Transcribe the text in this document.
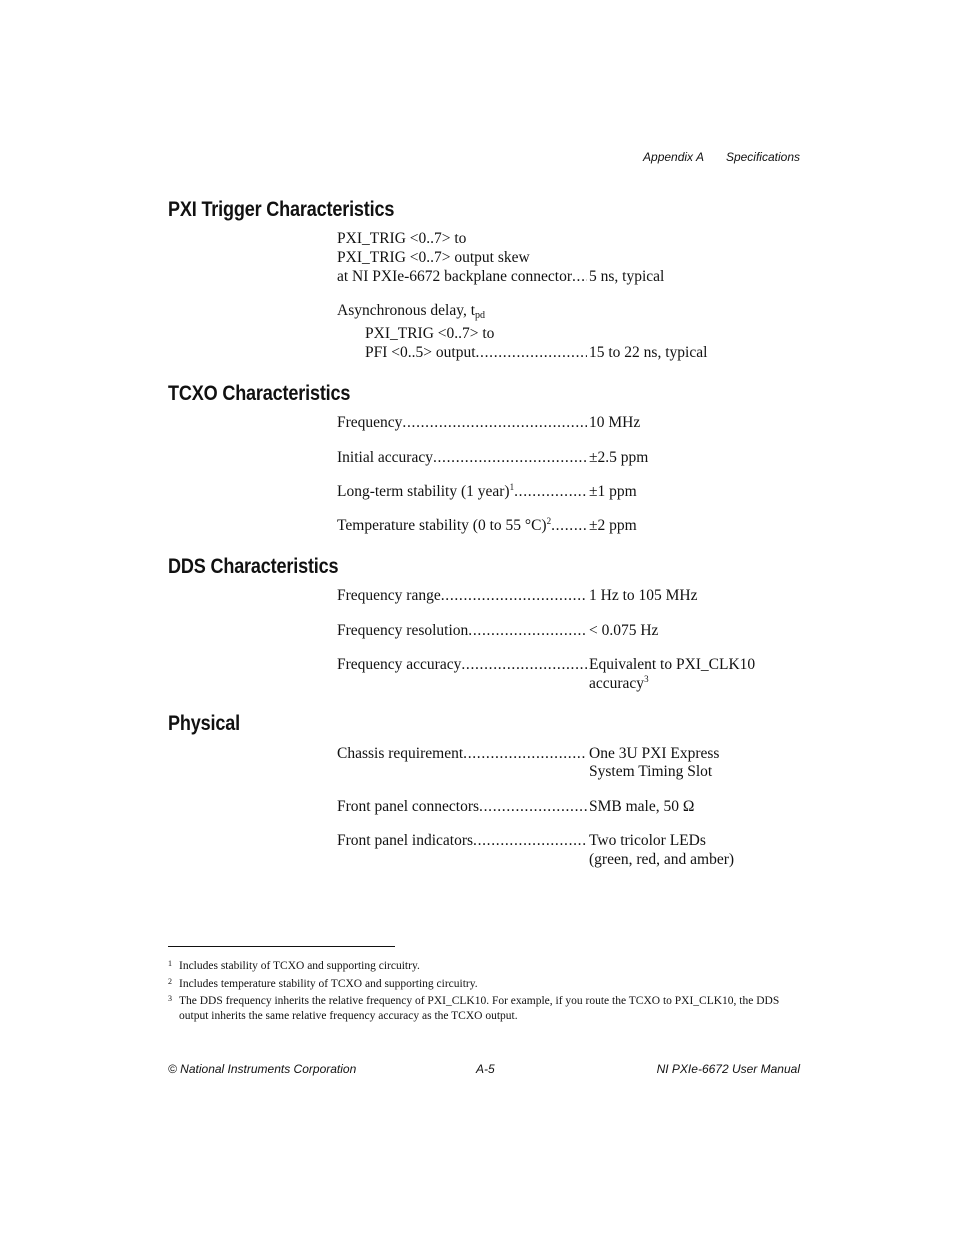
Appendix A Specifications
PXI Trigger Characteristics
PXI_TRIG <0..7> to
PXI_TRIG <0..7> output skew
at NI PXIe-6672 backplane connector . . . 5 ns, typical
Asynchronous delay, $t_{pd}$
PXI_TRIG <0..7> to
PFI <0..5> output . . .	15 to 22 ns, typical
TCXO Characteristics
Frequency . . .	10 MHz
Initial accuracy . . .	±2.5 ppm
Long-term stability (1 year)$^1$ . . .	±1 ppm
Temperature stability (0 to 55 °C)$^2$ . . . ±2 ppm
DDS Characteristics
Frequency range . . .	1 Hz to 105 MHz
Frequency resolution . . .	< 0.075 Hz
Frequency accuracy . . .	Equivalent to PXI_CLK10
accuracy$^3$
Physical
Chassis requirement . . .	One 3U PXI Express
System Timing Slot
Front panel connectors . . .	SMB male, 50 Ω
Front panel indicators . . .	Two tricolor LEDs
(green, red, and amber)
1 Includes stability of TCXO and supporting circuitry.
2 Includes temperature stability of TCXO and supporting circuitry.
3 The DDS frequency inherits the relative frequency of PXI_CLK10. For example, if you route the TCXO to PXI_CLK10, the DDS output inherits the same relative frequency accuracy as the TCXO output.
© National Instruments Corporation	A-5	NI PXIe-6672 User Manual
